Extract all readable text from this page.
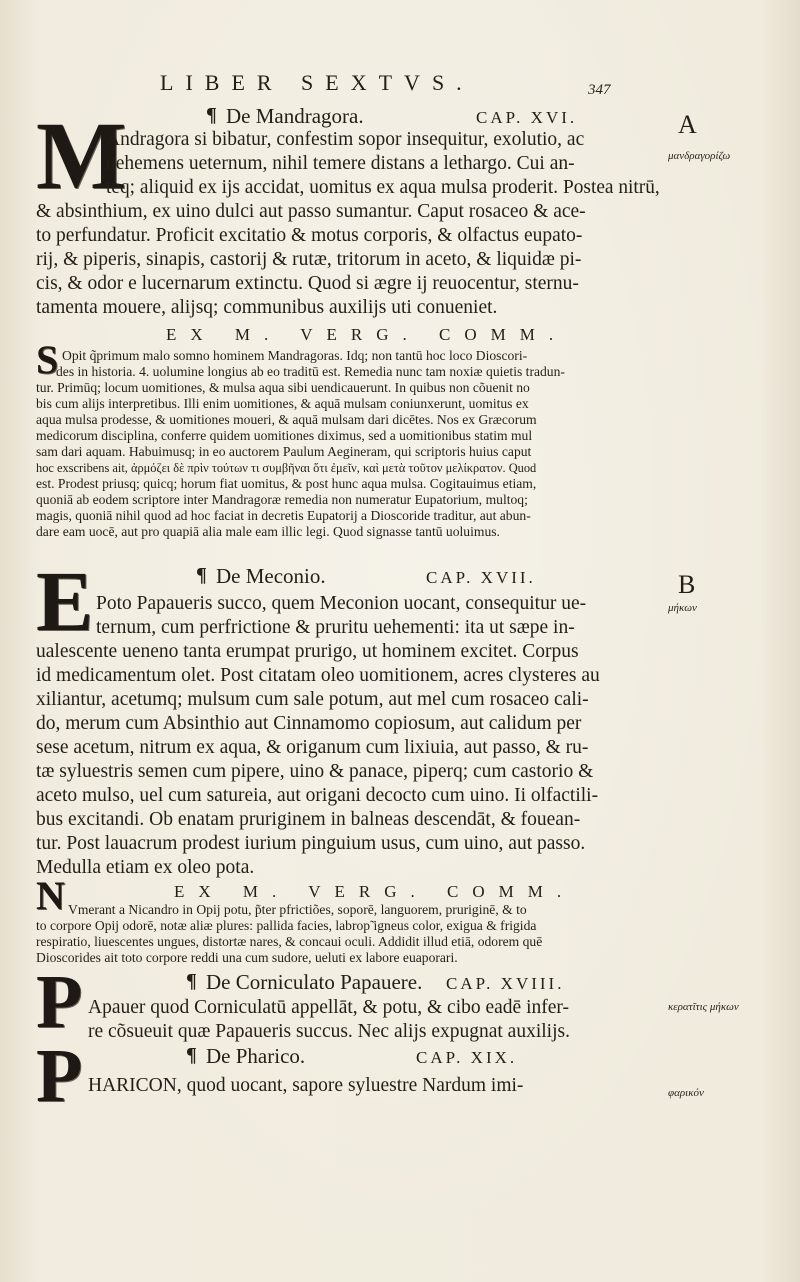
LIBER SEXTVS.	347
A
μανδραγορίζω
B
μήκων
κερατῖτις μήκων
φαρικόν
¶ De Mandragora.	CAP. XVI.
M
Andragora si bibatur, confestim sopor insequitur, exolutio, ac
uehemens ueternum, nihil temere distans a lethargo. Cui an-
teq; aliquid ex ijs accidat, uomitus ex aqua mulsa proderit. Postea nitrū,
& absinthium, ex uino dulci aut passo sumantur. Caput rosaceo & ace-
to perfundatur. Proficit excitatio & motus corporis, & olfactus eupato-
rij, & piperis, sinapis, castorij & rutæ, tritorum in aceto, & liquidæ pi-
cis, & odor e lucernarum extinctu. Quod si ægre ij reuocentur, sternu-
tamenta mouere, alijsq; communibus auxilijs uti conueniet.
EX M. VERG. COMM.
S Opit q̃primum malo somno hominem Mandragoras. Idq; non tantū hoc loco Dioscori-
des in historia. 4. uolumine longius ab eo traditū est. Remedia nunc tam noxiæ quietis tradun-
tur. Primūq; locum uomitiones, & mulsa aqua sibi uendicauerunt. In quibus non cõuenit no
bis cum alijs interpretibus. Illi enim uomitiones, & aquā mulsam coniunxerunt, uomitus ex
aqua mulsa prodesse, & uomitiones moueri, & aquā mulsam dari dicētes. Nos ex Græcorum
medicorum disciplina, conferre quidem uomitiones diximus, sed a uomitionibus statim mul
sam dari aquam. Habuimusq; in eo auctorem Paulum Aegineram, qui scriptoris huius caput
hoc exscribens ait, ἀρμόζει δὲ πρὶν τούτων τι συμβῆναι ὅτι ἐμεῖν, καὶ μετὰ τοῦτον μελίκρατον. Quod
est. Prodest priusq; quicq; horum fiat uomitus, & post hunc aqua mulsa. Cogitauimus etiam,
quoniā ab eodem scriptore inter Mandragoræ remedia non numeratur Eupatorium, multoq;
magis, quoniā nihil quod ad hoc faciat in decretis Eupatorij a Dioscoride traditur, aut abun-
dare eam uocē, aut pro quapiā alia male eam illic legi. Quod signasse tantū uoluimus.
¶ De Meconio.	CAP. XVII.
E Poto Papaueris succo, quem Meconion uocant, consequitur ue-
ternum, cum perfrictione & pruritu uehementi: ita ut sæpe in-
ualescente ueneno tanta erumpat prurigo, ut hominem excitet. Corpus
id medicamentum olet. Post citatam oleo uomitionem, acres clysteres au
xilіantur, acetumq; mulsum cum sale potum, aut mel cum rosaceo cali-
do, merum cum Absinthio aut Cinnamomo copiosum, aut calidum per
sese acetum, nitrum ex aqua, & origanum cum lixiuia, aut passo, & ru-
tæ syluestris semen cum pipere, uino & panace, piperq; cum castorio &
aceto mulso, uel cum satureia, aut origani decocto cum uino. Ii olfactili-
bus excitandi. Ob enatam pruriginem in balneas descendāt, & fouean-
tur. Post lauacrum prodest iurium pinguium usus, cum uino, aut passo.
Medulla etiam ex oleo pota.
EX M. VERG. COMM.
N Vmerant a Nicandro in Opij potu, p̃ter pfrictiões, soporē, languorem, pruriginē, & to
to corpore Opij odorē, notæ aliæ plures: pallida facies, labroр̃ igneus color, exigua & frigida
respiratio, liuescentes ungues, distortæ nares, & concaui oculi. Addidit illud etiā, odorem quē
Dioscorides ait toto corpore reddi una cum sudore, ueluti ex labore euaporari.
¶ De Corniculato Papauere. CAP. XVIII.
P Apauer quod Corniculatū appellāt, & potu, & cibo eadē infer-
re cõsueuit quæ Papaueris succus. Nec alijs expugnat auxilijs.
¶ De Pharico.	CAP. XIX.
P HARICON, quod uocant, sapore syluestre Nardum imi-
